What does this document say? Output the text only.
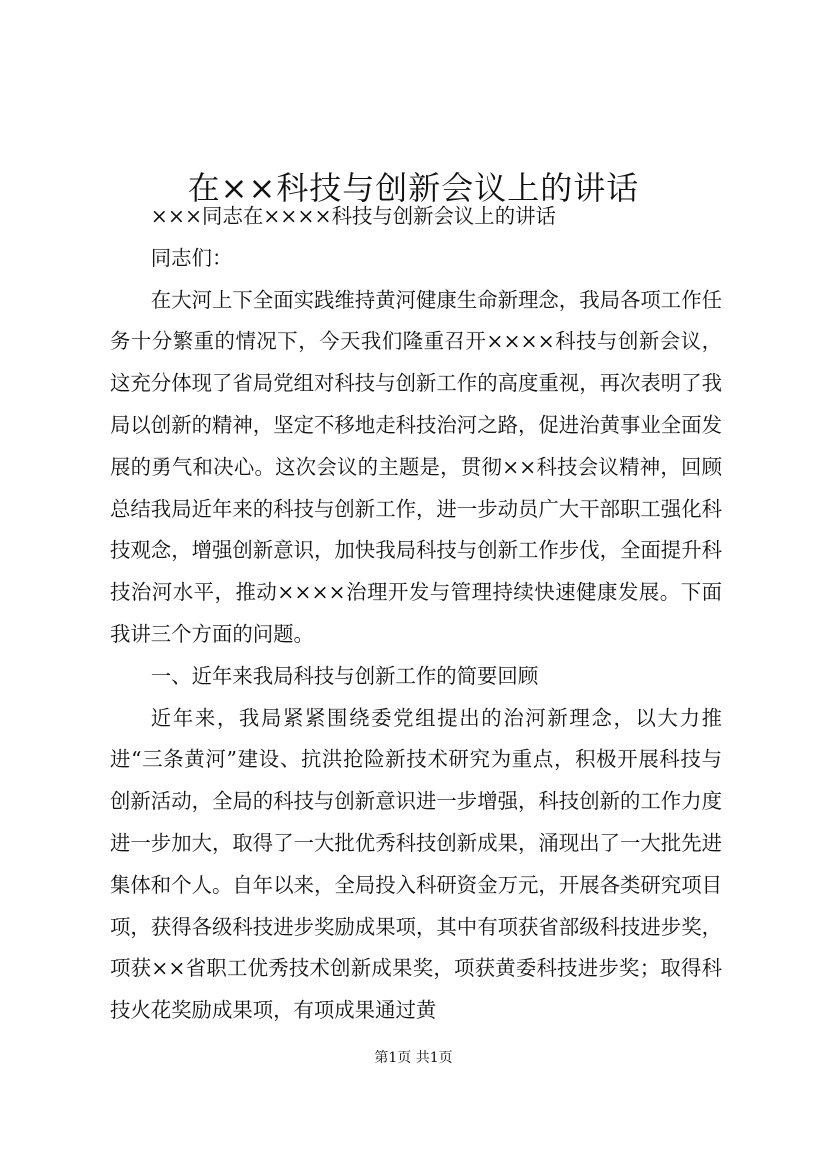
在××科技与创新会议上的讲话

×××同志在××××科技与创新会议上的讲话

同志们：

在大河上下全面实践维持黄河健康生命新理念，我局各项工作任务十分繁重的情况下，今天我们隆重召开××××科技与创新会议，这充分体现了省局党组对科技与创新工作的高度重视，再次表明了我局以创新的精神，坚定不移地走科技治河之路，促进治黄事业全面发展的勇气和决心。这次会议的主题是，贯彻××科技会议精神，回顾总结我局近年来的科技与创新工作，进一步动员广大干部职工强化科技观念，增强创新意识，加快我局科技与创新工作步伐，全面提升科技治河水平，推动××××治理开发与管理持续快速健康发展。下面我讲三个方面的问题。

一、近年来我局科技与创新工作的简要回顾

近年来，我局紧紧围绕委党组提出的治河新理念，以大力推进“三条黄河”建设、抗洪抢险新技术研究为重点，积极开展科技与创新活动，全局的科技与创新意识进一步增强，科技创新的工作力度进一步加大，取得了一大批优秀科技创新成果，涌现出了一大批先进集体和个人。自年以来，全局投入科研资金万元，开展各类研究项目项，获得各级科技进步奖励成果项，其中有项获省部级科技进步奖，项获××省职工优秀技术创新成果奖，项获黄委科技进步奖；取得科技火花奖励成果项，有项成果通过黄

第1页 共1页
